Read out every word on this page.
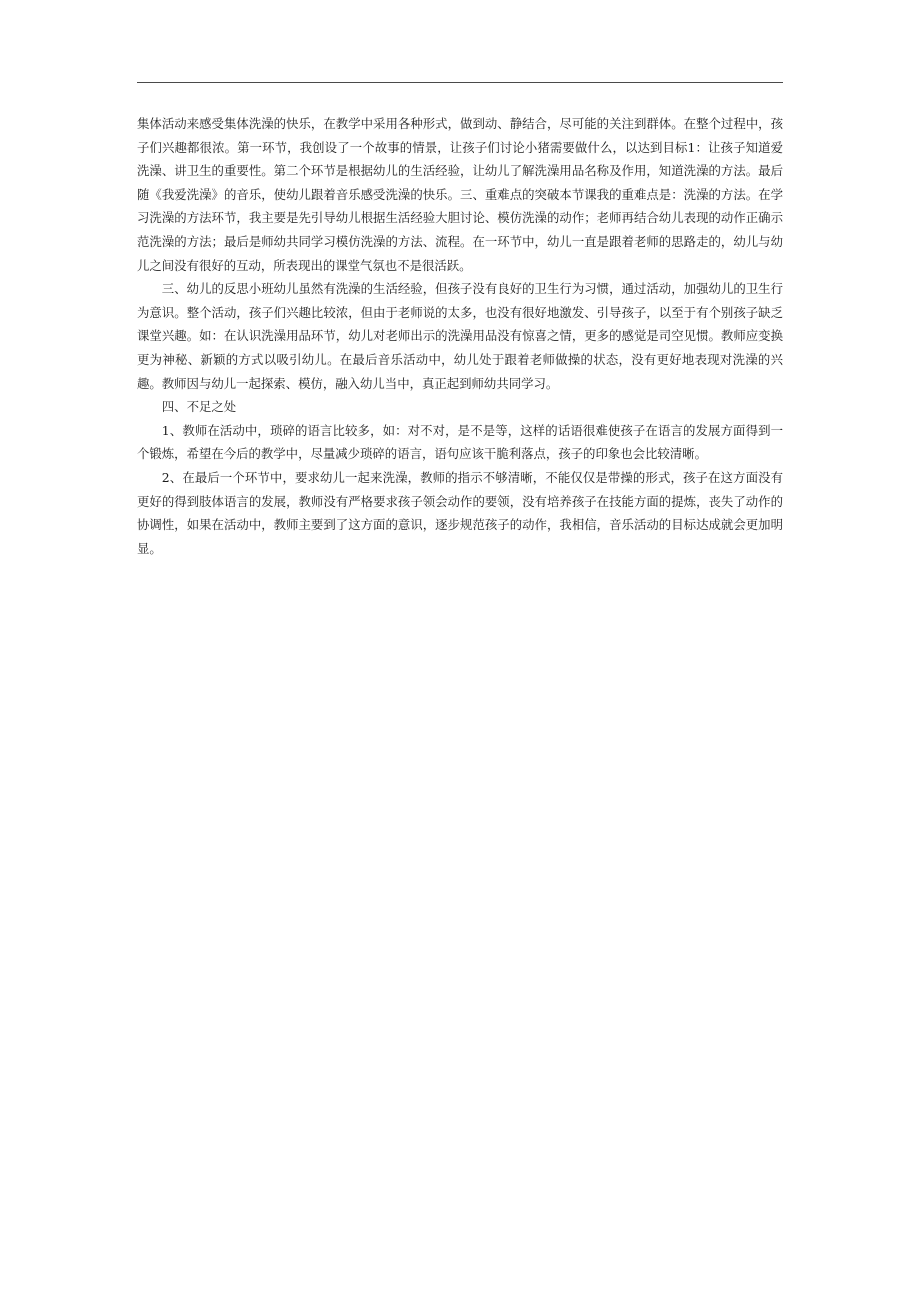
集体活动来感受集体洗澡的快乐，在教学中采用各种形式，做到动、静结合，尽可能的关注到群体。在整个过程中，孩子们兴趣都很浓。第一环节，我创设了一个故事的情景，让孩子们讨论小猪需要做什么，以达到目标1：让孩子知道爱洗澡、讲卫生的重要性。第二个环节是根据幼儿的生活经验，让幼儿了解洗澡用品名称及作用，知道洗澡的方法。最后随《我爱洗澡》的音乐，使幼儿跟着音乐感受洗澡的快乐。三、重难点的突破本节课我的重难点是：洗澡的方法。在学习洗澡的方法环节，我主要是先引导幼儿根据生活经验大胆讨论、模仿洗澡的动作；老师再结合幼儿表现的动作正确示范洗澡的方法；最后是师幼共同学习模仿洗澡的方法、流程。在一环节中，幼儿一直是跟着老师的思路走的，幼儿与幼儿之间没有很好的互动，所表现出的课堂气氛也不是很活跃。

三、幼儿的反思小班幼儿虽然有洗澡的生活经验，但孩子没有良好的卫生行为习惯，通过活动，加强幼儿的卫生行为意识。整个活动，孩子们兴趣比较浓，但由于老师说的太多，也没有很好地激发、引导孩子，以至于有个别孩子缺乏课堂兴趣。如：在认识洗澡用品环节，幼儿对老师出示的洗澡用品没有惊喜之情，更多的感觉是司空见惯。教师应变换更为神秘、新颖的方式以吸引幼儿。在最后音乐活动中，幼儿处于跟着老师做操的状态，没有更好地表现对洗澡的兴趣。教师因与幼儿一起探索、模仿，融入幼儿当中，真正起到师幼共同学习。

四、不足之处

1、教师在活动中，琐碎的语言比较多，如：对不对，是不是等，这样的话语很难使孩子在语言的发展方面得到一个锻炼，希望在今后的教学中，尽量减少琐碎的语言，语句应该干脆利落点，孩子的印象也会比较清晰。

2、在最后一个环节中，要求幼儿一起来洗澡，教师的指示不够清晰，不能仅仅是带操的形式，孩子在这方面没有更好的得到肢体语言的发展，教师没有严格要求孩子领会动作的要领，没有培养孩子在技能方面的提炼，丧失了动作的协调性，如果在活动中，教师主要到了这方面的意识，逐步规范孩子的动作，我相信，音乐活动的目标达成就会更加明显。
